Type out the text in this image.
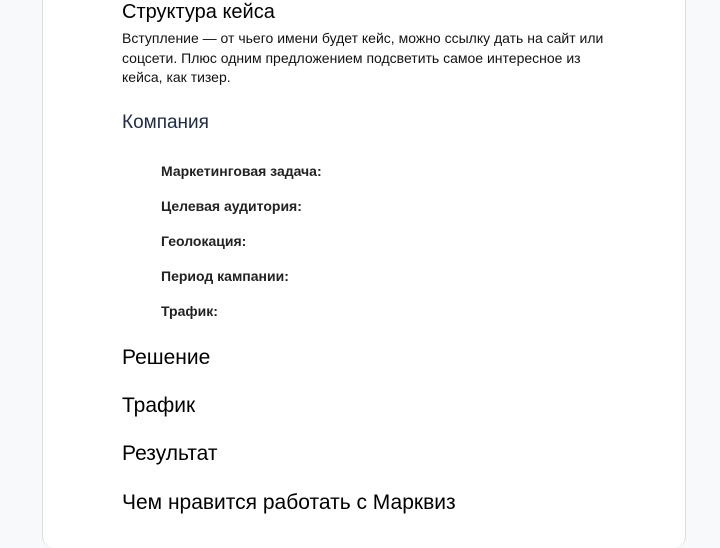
Структура кейса

Вступление — от чьего имени будет кейс, можно ссылку дать на сайт или соцсети. Плюс одним предложением подсветить самое интересное из кейса, как тизер.

Компания

Маркетинговая задача:

Целевая аудитория:

Геолокация:

Период кампании:

Трафик:

Решение
Трафик
Результат
Чем нравится работать с Марквиз
